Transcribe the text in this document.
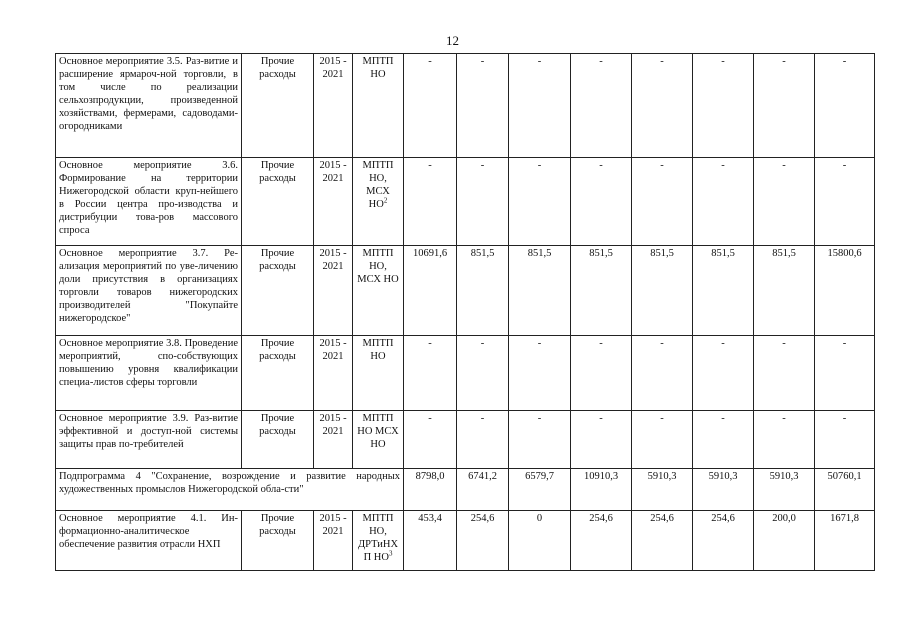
12
Основное мероприятие 3.5. Раз-витие и расширение ярмароч-ной торговли, в том числе по реализации сельхозпродукции, произведенной хозяйствами, фермерами, садоводами-огородниками	Прочие расходы	2015 - 2021	МПТП НО	-	-	-	-	-	-	-	-
Основное мероприятие 3.6. Формирование на территории Нижегородской области круп-нейшего в России центра про-изводства и дистрибуции това-ров массового спроса	Прочие расходы	2015 - 2021	МПТП НО, МСХ $НО^2$	-	-	-	-	-	-	-	-
Основное мероприятие 3.7. Ре-ализация мероприятий по уве-личению доли присутствия в организациях торговли товаров нижегородских производителей "Покупайте нижегородское"	Прочие расходы	2015 - 2021	МПТП НО, МСХ НО	10691,6	851,5	851,5	851,5	851,5	851,5	851,5	15800,6
Основное мероприятие 3.8. Проведение мероприятий, спо-собствующих повышению уровня квалификации специа-листов сферы торговли	Прочие расходы	2015 - 2021	МПТП НО	-	-	-	-	-	-	-	-
Основное мероприятие 3.9. Раз-витие эффективной и доступ-ной системы защиты прав по-требителей	Прочие расходы	2015 - 2021	МПТП НО МСХ НО	-	-	-	-	-	-	-	-
Подпрограмма 4 "Сохранение, возрождение и развитие народных художественных промыслов Нижегородской обла-сти"				8798,0	6741,2	6579,7	10910,3	5910,3	5910,3	5910,3	50760,1
Основное мероприятие 4.1. Ин-формационно-аналитическое обеспечение развития отрасли НХП	Прочие расходы	2015 - 2021	МПТП НО, ДРТиНХП $НО^3$	453,4	254,6	0	254,6	254,6	254,6	200,0	1671,8
